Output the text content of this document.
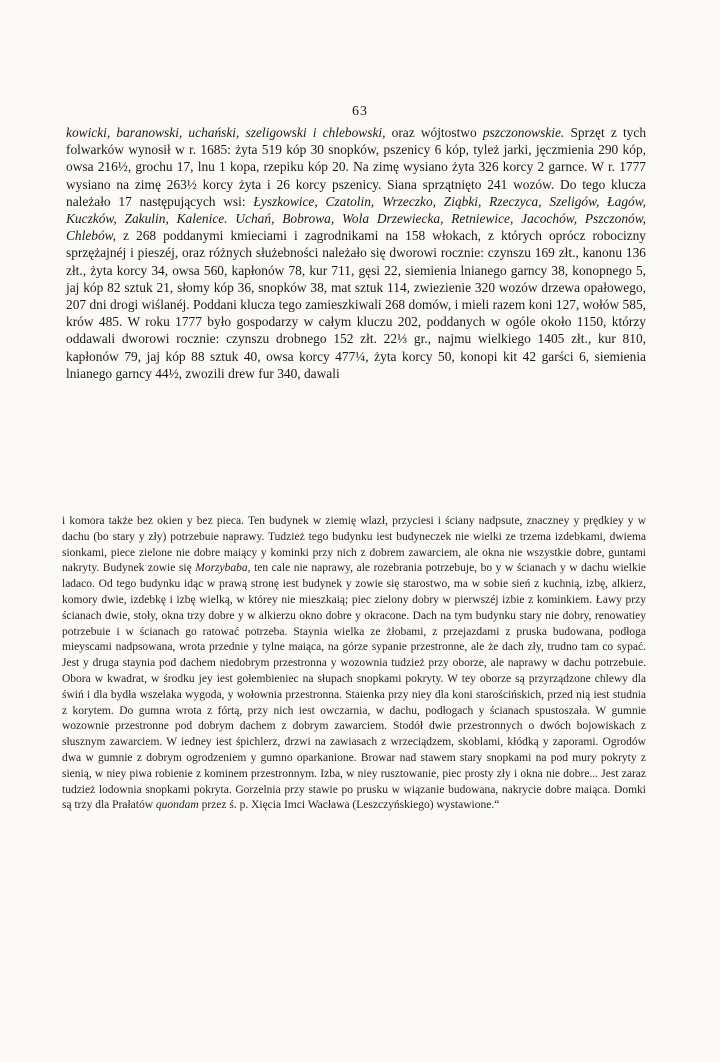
63

kowicki, baranowski, uchański, szeligowski i chlebowski, oraz wójtostwo pszczonowskie. Sprzęt z tych folwarków wynosił w r. 1685: żyta 519 kóp 30 snopków, pszenicy 6 kóp, tyleż jarki, jęczmienia 290 kóp, owsa 216½, grochu 17, lnu 1 kopa, rzepiku kóp 20. Na zimę wysiano żyta 326 korcy 2 garnce. W r. 1777 wysiano na zimę 263½ korcy żyta i 26 korcy pszenicy. Siana sprzątnięto 241 wozów. Do tego klucza należało 17 następujących wsi: Łyszkowice, Czatolin, Wrzeczko, Ziąbki, Rzeczyca, Szeligów, Łagów, Kuczków, Zakulin, Kalenice. Uchań, Bobrowa, Wola Drzewiecka, Retniewice, Jacochów, Pszczonów, Chlebów, z 268 poddanymi kmieciami i zagrodnikami na 158 włokach, z których oprócz robocizny sprzężajnéj i pieszéj, oraz różnych służebności należało się dworowi rocznie: czynszu 169 złt., kanonu 136 złt., żyta korcy 34, owsa 560, kapłonów 78, kur 711, gęsi 22, siemienia lnianego garncy 38, konopnego 5, jaj kóp 82 sztuk 21, słomy kóp 36, snopków 38, mat sztuk 114, zwiezienie 320 wozów drzewa opałowego, 207 dni drogi wiślanéj. Poddani klucza tego zamieszkiwali 268 domów, i mieli razem koni 127, wołów 585, krów 485. W roku 1777 było gospodarzy w całym kluczu 202, poddanych w ogóle około 1150, którzy oddawali dworowi rocznie: czynszu drobnego 152 złt. 22⅓ gr., najmu wielkiego 1405 złt., kur 810, kapłonów 79, jaj kóp 88 sztuk 40, owsa korcy 477¼, żyta korcy 50, konopi kit 42 garści 6, siemienia lnianego garncy 44½, zwozili drew fur 340, dawali

i komora także bez okien y bez pieca. Ten budynek w ziemię wlazł, przyciesi i ściany nadpsute, znaczney y prędkiey y w dachu (bo stary y zły) potrzebuie naprawy. Tudzież tego budynku iest budyneczek nie wielki ze trzema izdebkami, dwiema sionkami, piece zielone nie dobre maiący y kominki przy nich z dobrem zawarciem, ale okna nie wszystkie dobre, guntami nakryty. Budynek zowie się Morzybaba, ten cale nie naprawy, ale rozebrania potrzebuje, bo y w ścianach y w dachu wielkie ladaco. Od tego budynku idąc w prawą stronę iest budynek y zowie się starostwo, ma w sobie sień z kuchnią, izbę, alkierz, komory dwie, izdebkę i izbę wielką, w którey nie mieszkaią; piec zielony dobry w pierwszéj izbie z kominkiem. Ławy przy ścianach dwie, stoły, okna trzy dobre y w alkierzu okno dobre y okracone. Dach na tym budynku stary nie dobry, renowatiey potrzebuie i w ścianach go ratować potrzeba. Staynia wielka ze żłobami, z przejazdami z pruska budowana, podłoga mieyscami nadpsowana, wrota przednie y tylne maiąca, na górze sypanie przestronne, ale że dach zły, trudno tam co sypać. Jest y druga staynia pod dachem niedobrym przestronna y wozownia tudzież przy oborze, ale naprawy w dachu potrzebuie. Obora w kwadrat, w środku jey iest gołembieniec na słupach snopkami pokryty. W tey oborze są przyrządzone chlewy dla świń i dla bydła wszelaka wygoda, y wołownia przestronna. Staienka przy niey dla koni starościńskich, przed nią iest studnia z korytem. Do gumna wrota z fórtą, przy nich iest owczarnia, w dachu, podłogach y ścianach spustoszała. W gumnie wozownie przestronne pod dobrym dachem z dobrym zawarciem. Stodół dwie przestronnych o dwóch bojowiskach z słusznym zawarciem. W iedney iest śpichlerz, drzwi na zawiasach z wrzeciądzem, skoblami, kłódką y zaporami. Ogrodów dwa w gumnie z dobrym ogrodzeniem y gumno oparkanione. Browar nad stawem stary snopkami na pod mury pokryty z sienią, w niey piwa robienie z kominem przestronnym. Izba, w niey rusztowanie, piec prosty zły i okna nie dobre... Jest zaraz tudzież lodownia snopkami pokryta. Gorzelnia przy stawie po prusku w wiązanie budowana, nakrycie dobre maiąca. Domki są trzy dla Prałatów quondam przez ś. p. Xięcia Imci Wacława (Leszczyńskiego) wystawione.“
